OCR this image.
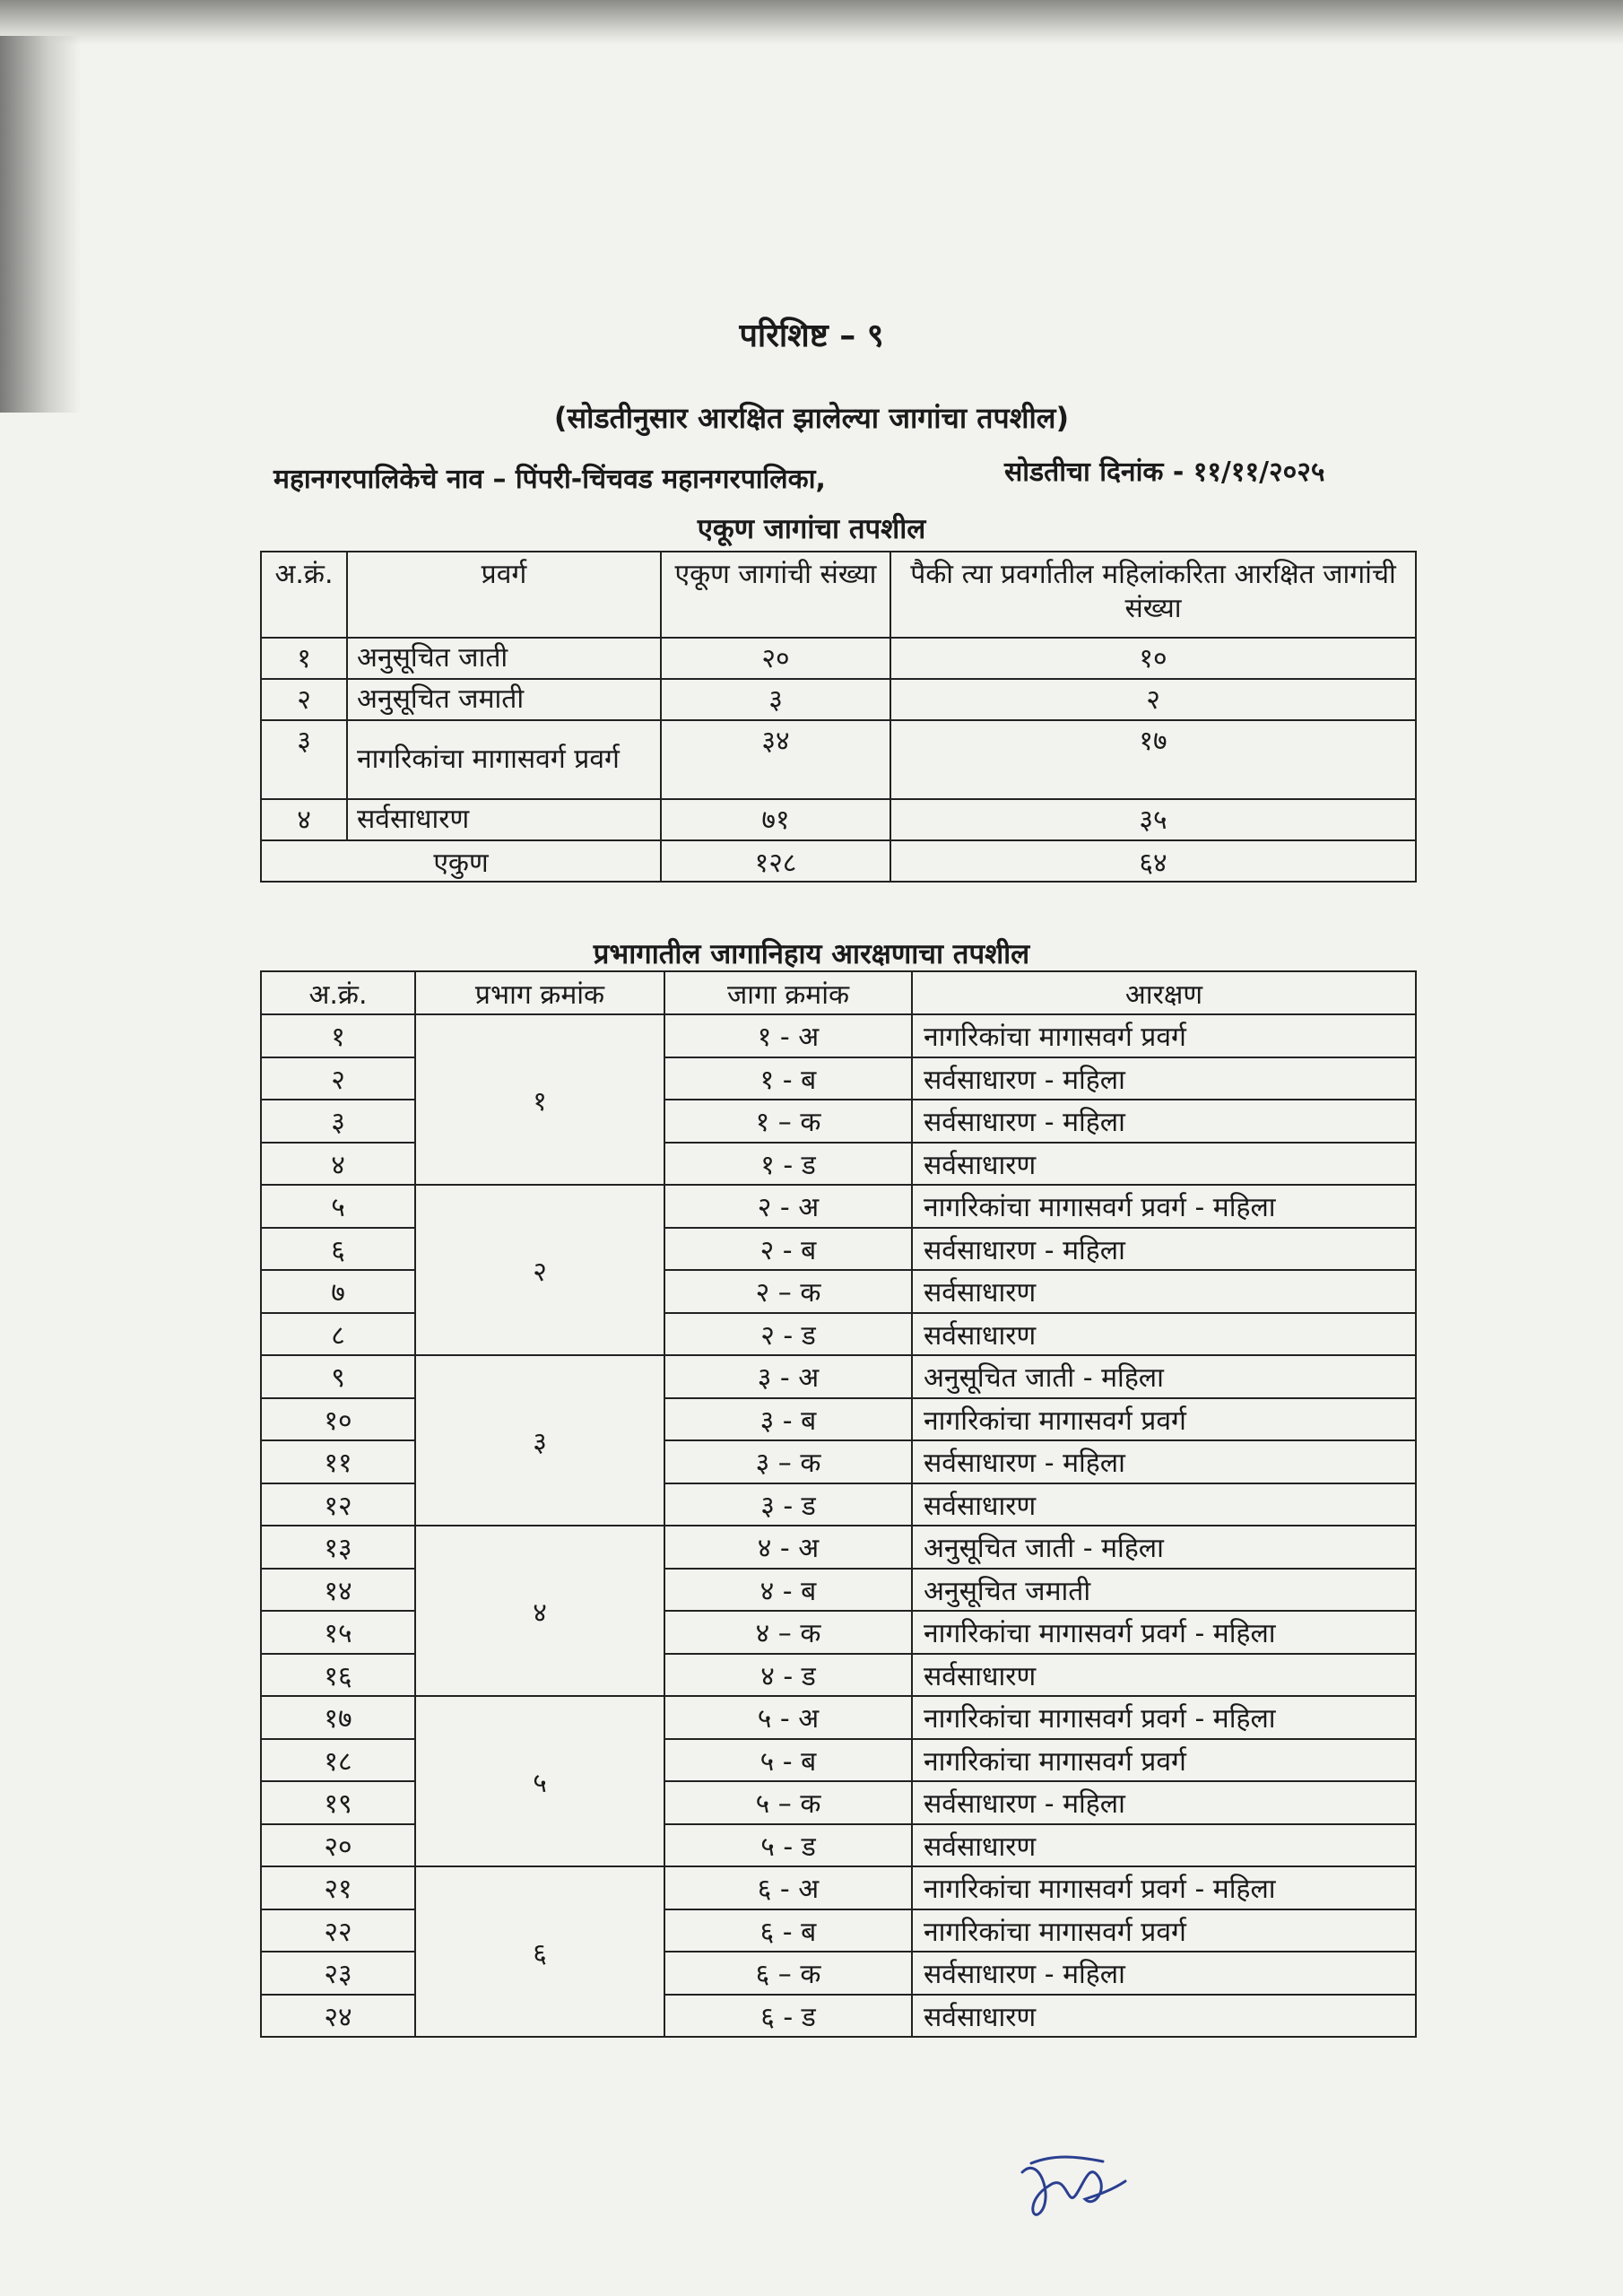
परिशिष्ट – ९
(सोडतीनुसार आरक्षित झालेल्या जागांचा तपशील)
महानगरपालिकेचे नाव – पिंपरी-चिंचवड महानगरपालिका,	सोडतीचा दिनांक - ११/११/२०२५
एकूण जागांचा तपशील
अ.क्रं.	प्रवर्ग	एकूण जागांची संख्या	पैकी त्या प्रवर्गातील महिलांकरिता आरक्षित जागांची संख्या
१	अनुसूचित जाती	२०	१०
२	अनुसूचित जमाती	३	२
३	नागरिकांचा मागासवर्ग प्रवर्ग	३४	१७
४	सर्वसाधारण	७१	३५
एकुण		१२८	६४
प्रभागातील जागानिहाय आरक्षणाचा तपशील
अ.क्रं.	प्रभाग क्रमांक	जागा क्रमांक	आरक्षण
१	१	१ - अ	नागरिकांचा मागासवर्ग प्रवर्ग
२		१ - ब	सर्वसाधारण - महिला
३		१ – क	सर्वसाधारण - महिला
४		१ - ड	सर्वसाधारण
५	२	२ - अ	नागरिकांचा मागासवर्ग प्रवर्ग - महिला
६		२ - ब	सर्वसाधारण - महिला
७		२ – क	सर्वसाधारण
८		२ - ड	सर्वसाधारण
९	३	३ - अ	अनुसूचित जाती - महिला
१०		३ - ब	नागरिकांचा मागासवर्ग प्रवर्ग
११		३ – क	सर्वसाधारण - महिला
१२		३ - ड	सर्वसाधारण
१३	४	४ - अ	अनुसूचित जाती - महिला
१४		४ - ब	अनुसूचित जमाती
१५		४ – क	नागरिकांचा मागासवर्ग प्रवर्ग - महिला
१६		४ - ड	सर्वसाधारण
१७	५	५ - अ	नागरिकांचा मागासवर्ग प्रवर्ग - महिला
१८		५ - ब	नागरिकांचा मागासवर्ग प्रवर्ग
१९		५ – क	सर्वसाधारण - महिला
२०		५ - ड	सर्वसाधारण
२१	६	६ - अ	नागरिकांचा मागासवर्ग प्रवर्ग - महिला
२२		६ - ब	नागरिकांचा मागासवर्ग प्रवर्ग
२३		६ – क	सर्वसाधारण - महिला
२४		६ - ड	सर्वसाधारण
